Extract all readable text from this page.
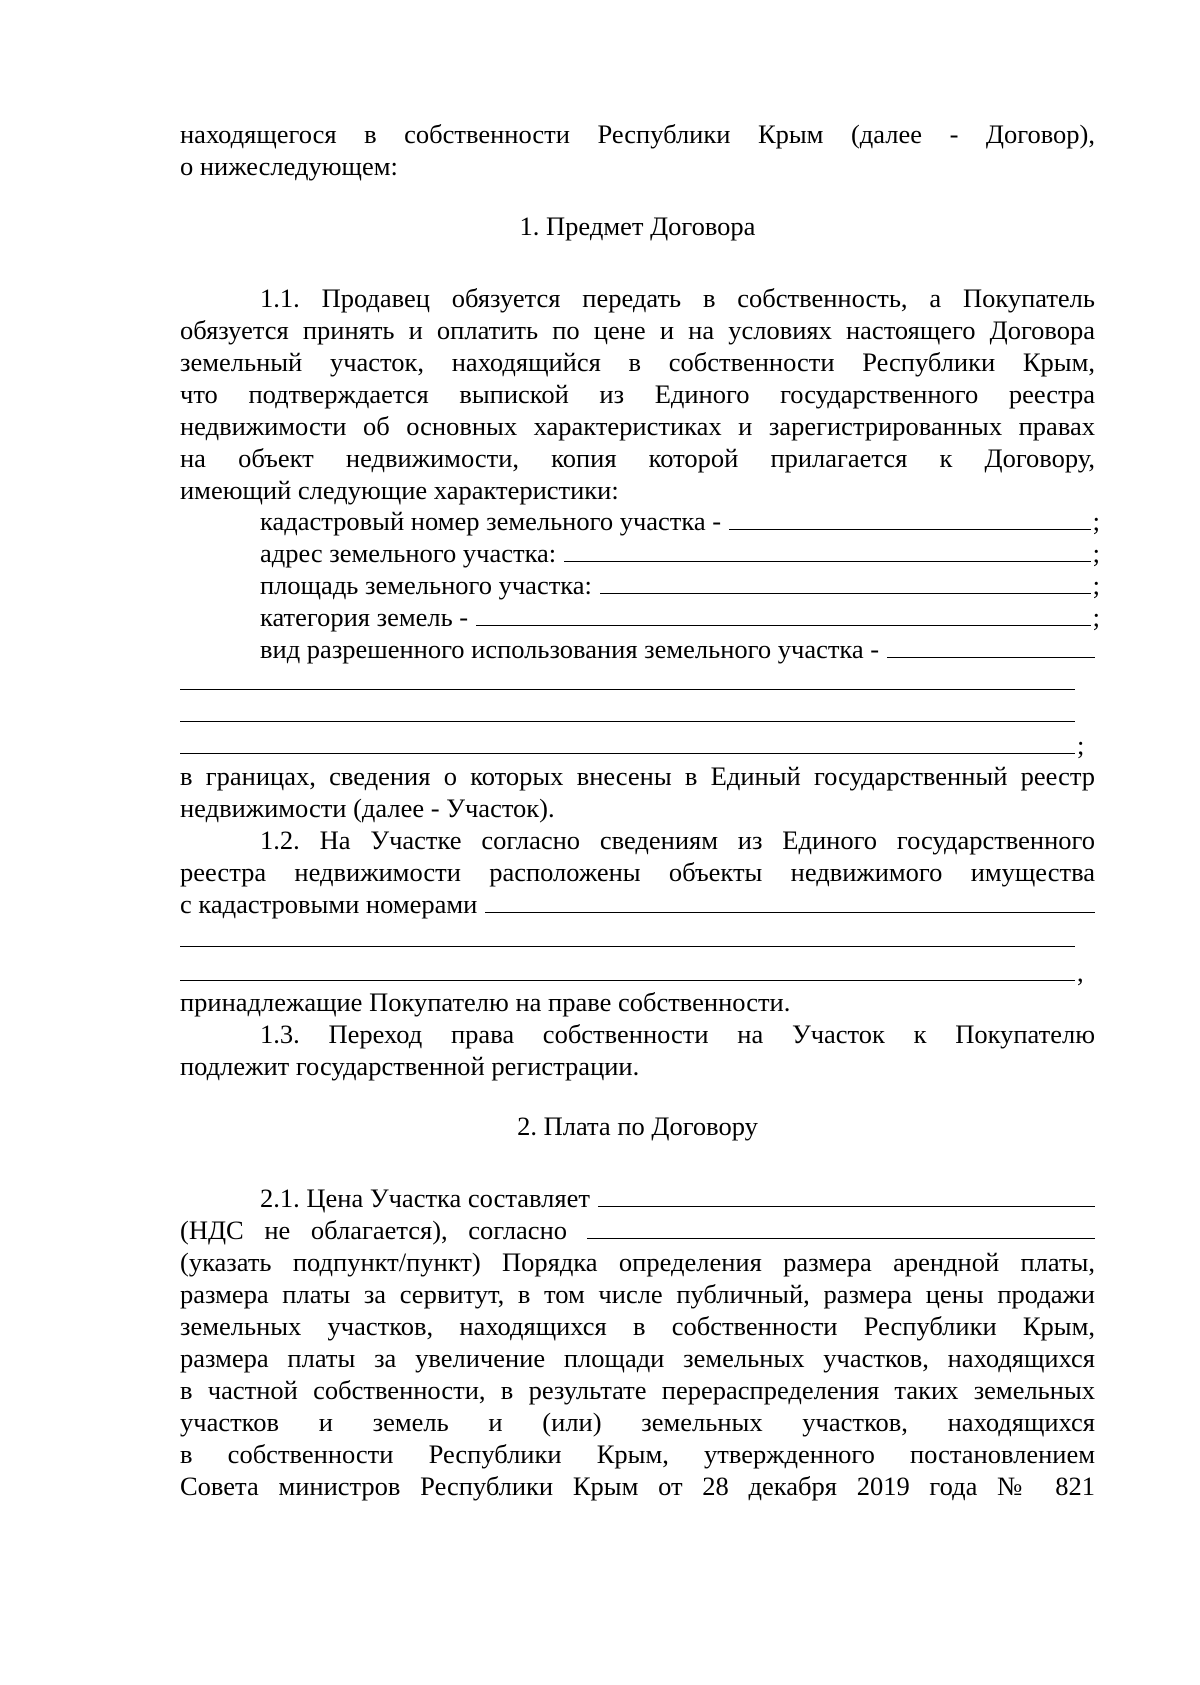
находящегося в собственности Республики Крым (далее - Договор),
о нижеследующем:
1. Предмет Договора
1.1. Продавец обязуется передать в собственность, а Покупатель
обязуется принять и оплатить по цене и на условиях настоящего Договора
земельный участок, находящийся в собственности Республики Крым,
что подтверждается выпиской из Единого государственного реестра
недвижимости об основных характеристиках и зарегистрированных правах
на объект недвижимости, копия которой прилагается к Договору,
имеющий следующие характеристики:
кадастровый номер земельного участка -	;
адрес земельного участка:	;
площадь земельного участка:	;
категория земель -	;
вид разрешенного использования земельного участка -
;
в границах, сведения о которых внесены в Единый государственный реестр
недвижимости (далее - Участок).
1.2. На Участке согласно сведениям из Единого государственного
реестра недвижимости расположены объекты недвижимого имущества
с кадастровыми номерами
,
принадлежащие Покупателю на праве собственности.
1.3. Переход права собственности на Участок к Покупателю
подлежит государственной регистрации.
2. Плата по Договору
2.1. Цена Участка составляет
(НДС не облагается), согласно
(указать подпункт/пункт) Порядка определения размера арендной платы,
размера платы за сервитут, в том числе публичный, размера цены продажи
земельных участков, находящихся в собственности Республики Крым,
размера платы за увеличение площади земельных участков, находящихся
в частной собственности, в результате перераспределения таких земельных
участков и земель и (или) земельных участков, находящихся
в собственности Республики Крым, утвержденного постановлением
Совета министров Республики Крым от 28 декабря 2019 года № 821
